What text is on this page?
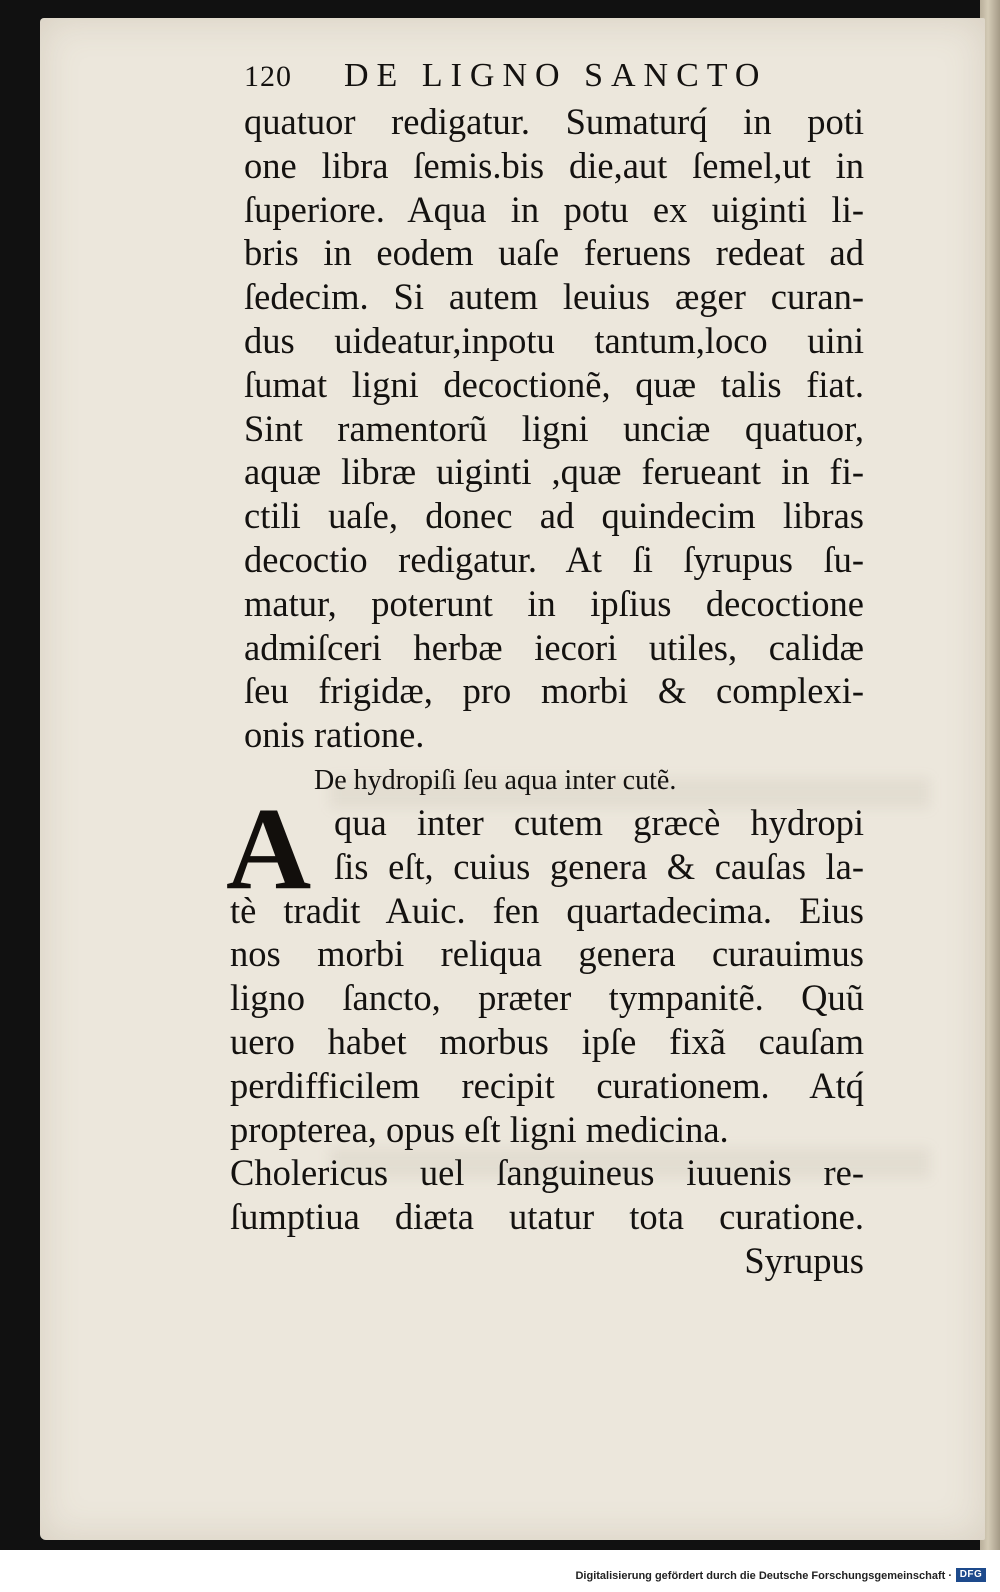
120 DE LIGNO SANCTO
quatuor redigatur. Sumaturq́ in poti
one libra ſemis.bis die,aut ſemel,ut in
ſuperiore. Aqua in potu ex uiginti li-
bris in eodem uaſe feruens redeat ad
ſedecim. Si autem leuius æger curan-
dus uideatur,inpotu tantum,loco uini
ſumat ligni decoctionẽ, quæ talis fiat.
Sint ramentorũ ligni unciæ quatuor,
aquæ libræ uiginti ,quæ ferueant in fi-
ctili uaſe, donec ad quindecim libras
decoctio redigatur. At ſi ſyrupus ſu-
matur, poterunt in ipſius decoctione
admiſceri herbæ iecori utiles, calidæ
ſeu frigidæ, pro morbi & complexi-
onis ratione.
De hydropiſi ſeu aqua inter cutẽ.
A qua inter cutem græcè hydropi
ſis eſt, cuius genera & cauſas la-
tè tradit Auic. fen quartadecima. Eius
nos morbi reliqua genera curauimus
ligno ſancto, præter tympanitẽ. Quũ
uero habet morbus ipſe fixã cauſam
perdifficilem recipit curationem. Atq́
propterea, opus eſt ligni medicina.
Cholericus uel ſanguineus iuuenis re-
ſumptiua diæta utatur tota curatione.
Syrupus
Digitalisierung gefördert durch die Deutsche Forschungsgemeinschaft · DFG
